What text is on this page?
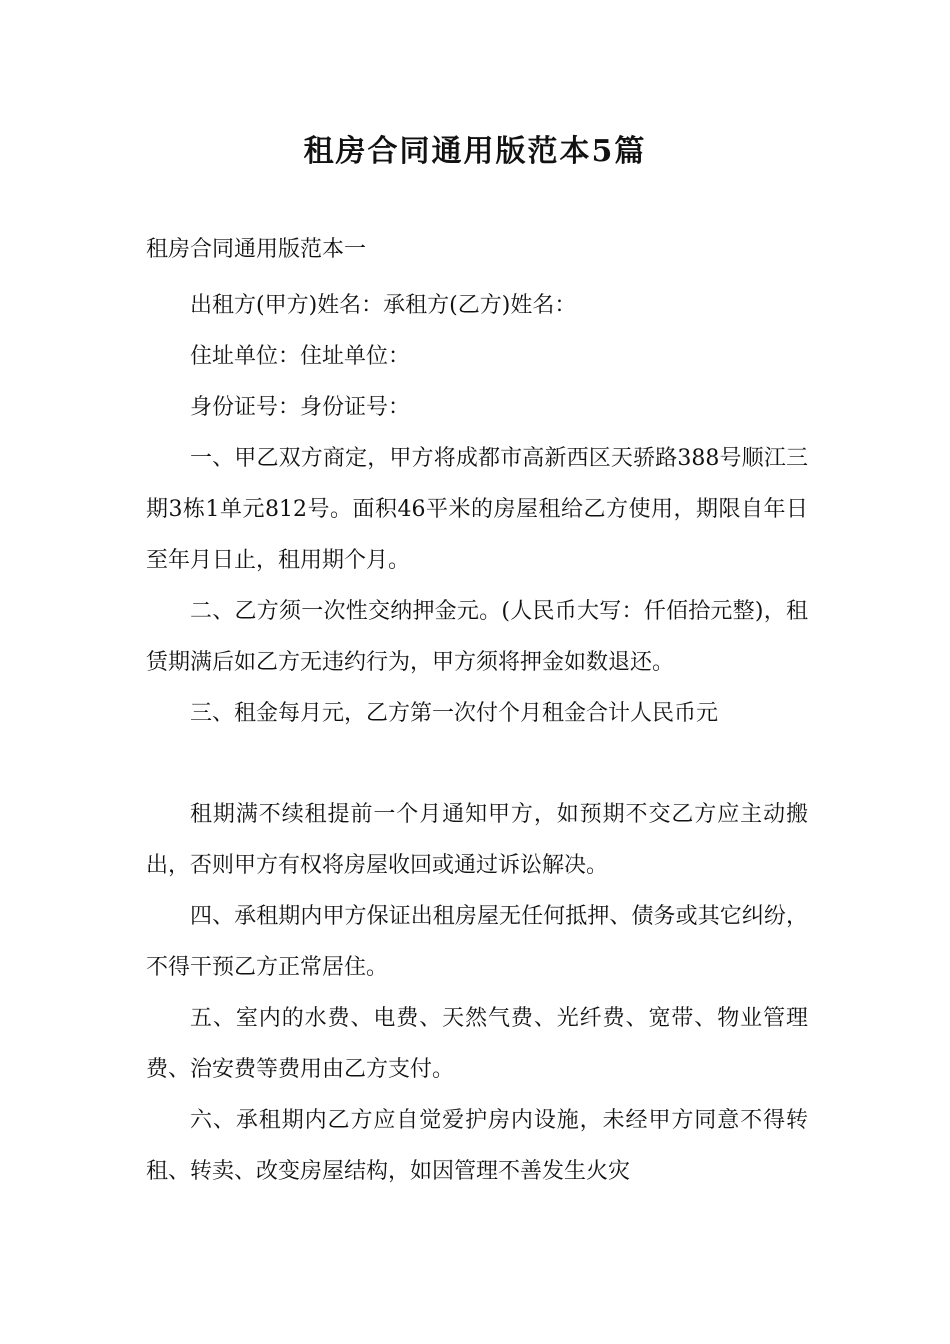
租房合同通用版范本5篇

租房合同通用版范本一

出租方(甲方)姓名：承租方(乙方)姓名：

住址单位：住址单位：

身份证号：身份证号：

一、甲乙双方商定，甲方将成都市高新西区天骄路388号顺江三期3栋1单元812号。面积46平米的房屋租给乙方使用，期限自年日至年月日止，租用期个月。

二、乙方须一次性交纳押金元。(人民币大写：仟佰拾元整)，租赁期满后如乙方无违约行为，甲方须将押金如数退还。

三、租金每月元，乙方第一次付个月租金合计人民币元

租期满不续租提前一个月通知甲方，如预期不交乙方应主动搬出，否则甲方有权将房屋收回或通过诉讼解决。

四、承租期内甲方保证出租房屋无任何抵押、债务或其它纠纷，不得干预乙方正常居住。

五、室内的水费、电费、天然气费、光纤费、宽带、物业管理费、治安费等费用由乙方支付。

六、承租期内乙方应自觉爱护房内设施，未经甲方同意不得转租、转卖、改变房屋结构，如因管理不善发生火灾
